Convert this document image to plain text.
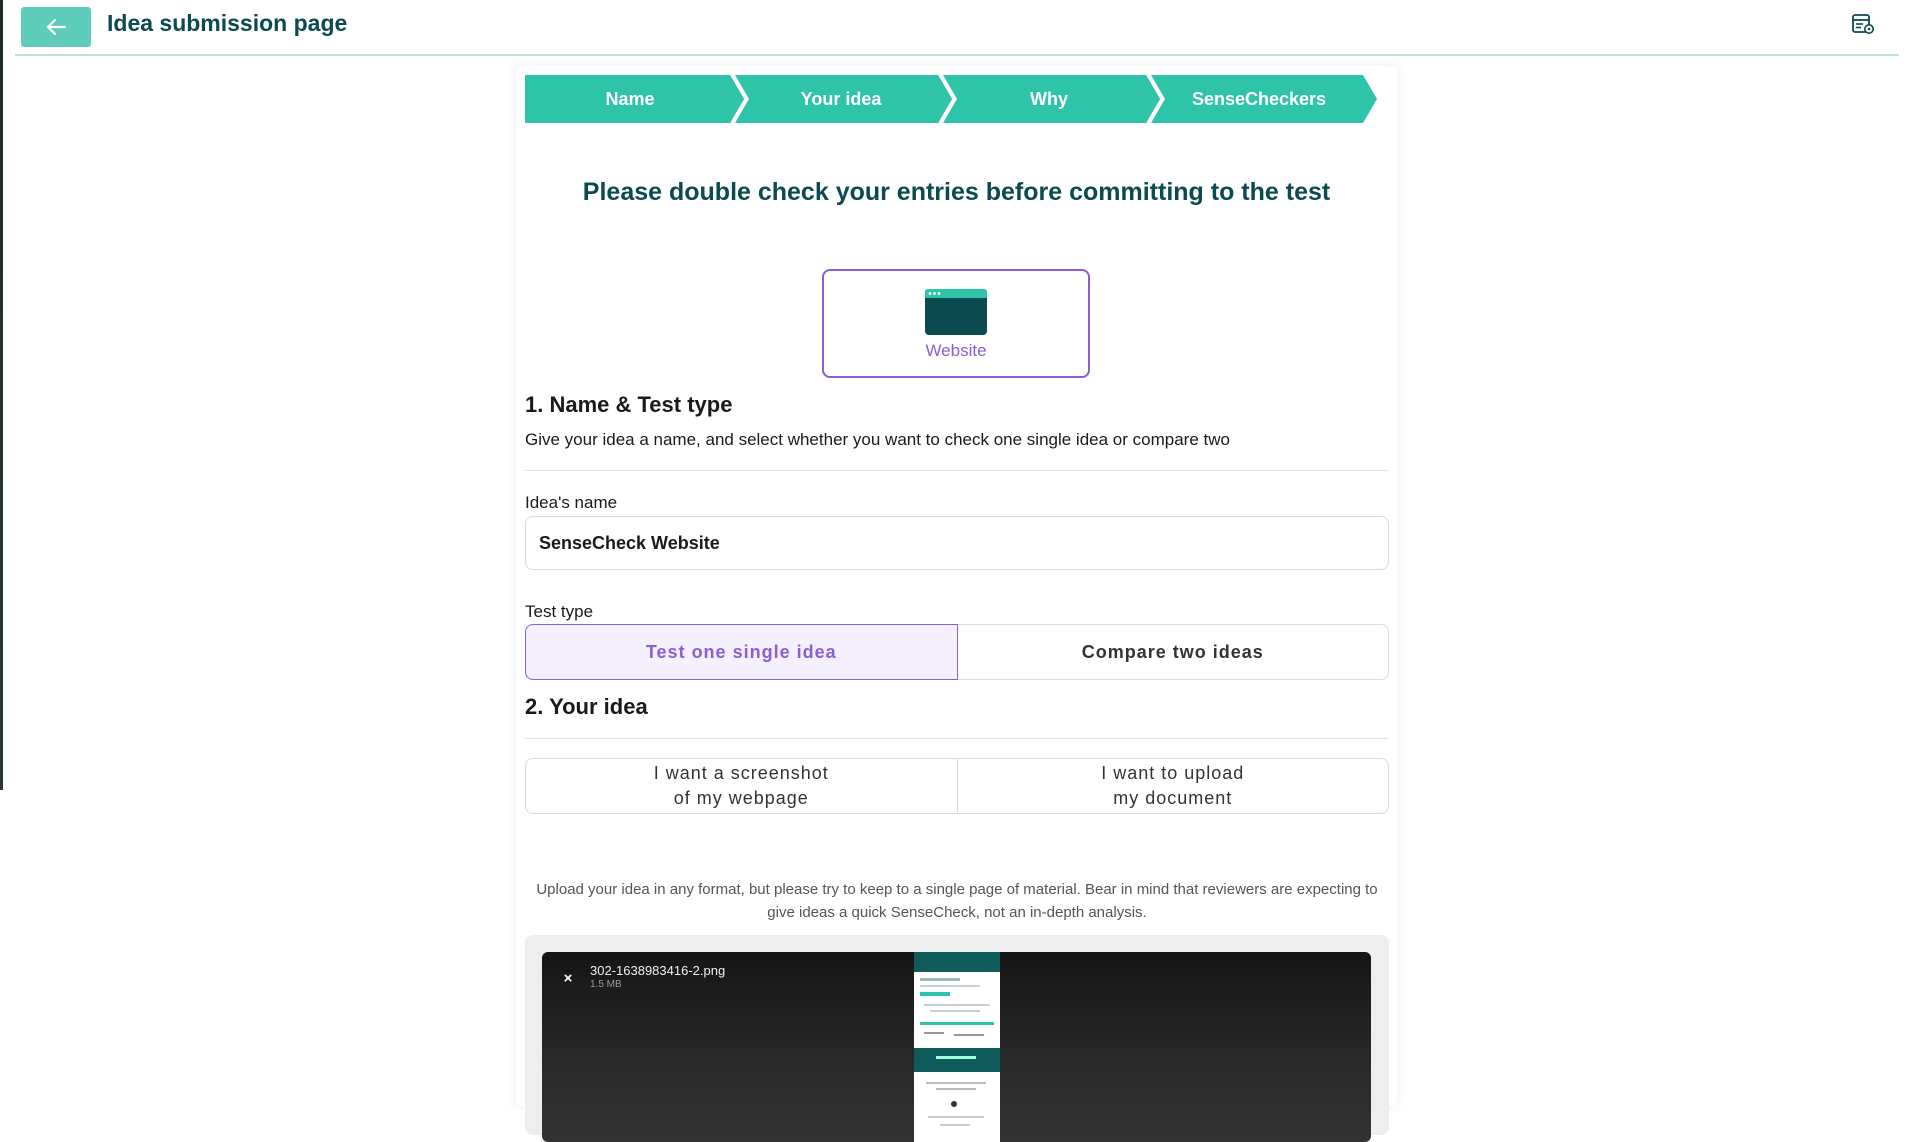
Idea submission page
Name	Your idea	Why	SenseCheckers
Please double check your entries before committing to the test
Website
1. Name & Test type
Give your idea a name, and select whether you want to check one single idea or compare two
Idea's name
SenseCheck Website
Test type
Test one single idea	Compare two ideas
2. Your idea
I want a screenshot
of my webpage
I want to upload
my document
Upload your idea in any format, but please try to keep to a single page of material. Bear in mind that reviewers are expecting to give ideas a quick SenseCheck, not an in-depth analysis.
×	302-1638983416-2.png
1.5 MB
